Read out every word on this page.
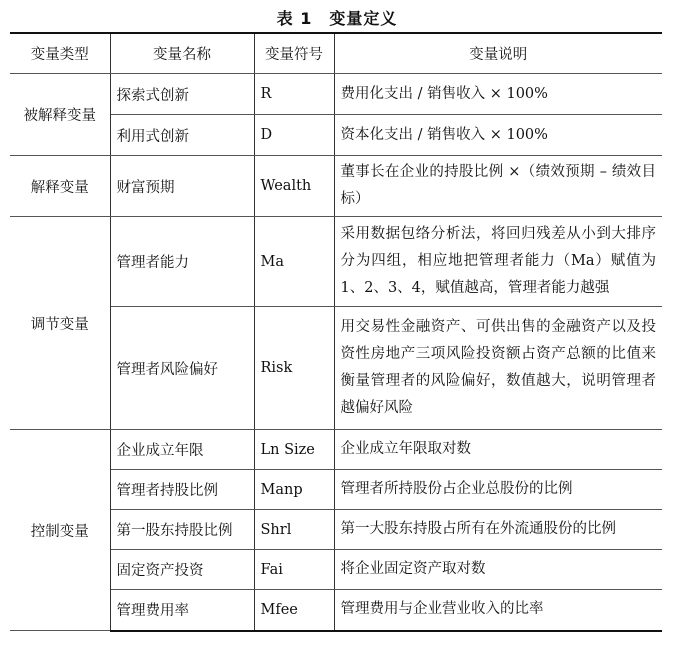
表 1　变量定义
变量类型	变量名称	变量符号	变量说明
被解释变量	探索式创新	R	费用化支出 / 销售收入 × 100%
	利用式创新	D	资本化支出 / 销售收入 × 100%
解释变量	财富预期	Wealth	董事长在企业的持股比例 ×（绩效预期 – 绩效目标）
调节变量	管理者能力	Ma	采用数据包络分析法，将回归残差从小到大排序分为四组，相应地把管理者能力（Ma）赋值为 1、2、3、4，赋值越高，管理者能力越强
	管理者风险偏好	Risk	用交易性金融资产、可供出售的金融资产以及投资性房地产三项风险投资额占资产总额的比值来衡量管理者的风险偏好，数值越大，说明管理者越偏好风险
控制变量	企业成立年限	Ln Size	企业成立年限取对数
	管理者持股比例	Manp	管理者所持股份占企业总股份的比例
	第一股东持股比例	Shrl	第一大股东持股占所有在外流通股份的比例
	固定资产投资	Fai	将企业固定资产取对数
	管理费用率	Mfee	管理费用与企业营业收入的比率
